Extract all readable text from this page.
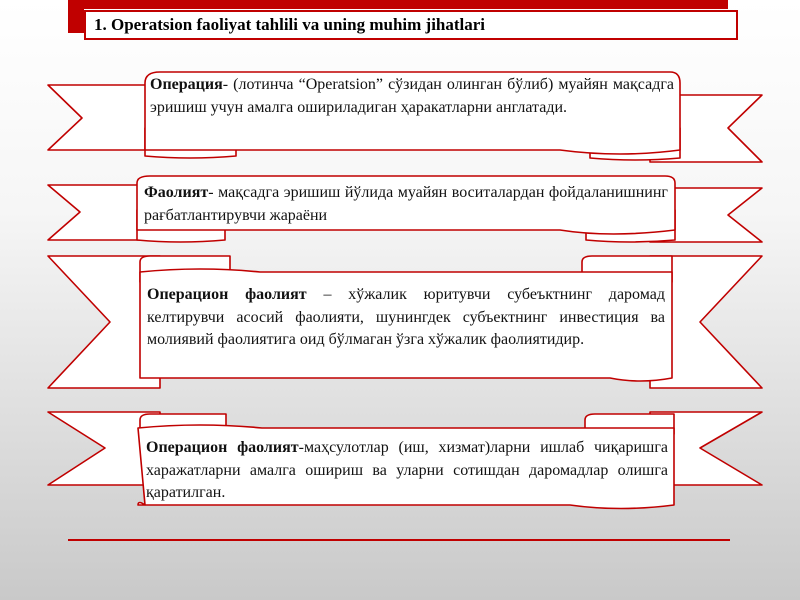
1. Operatsion faoliyat tahlili va uning muhim jihatlari
Операция- (лотинча “Operatsion” сўзидан олинган бўлиб) муайян мақсадга эришиш учун амалга ошириладиган ҳаракатларни англатади.
Фаолият- мақсадга эришиш йўлида муайян воситалардан фойдаланишнинг рағбатлантирувчи жараёни
Операцион фаолият – хўжалик юритувчи субеъктнинг даромад келтирувчи асосий фаолияти, шунингдек субъектнинг инвестиция ва молиявий фаолиятига оид бўлмаган ўзга хўжалик фаолиятидир.
Операцион фаолият-маҳсулотлар (иш, хизмат)ларни ишлаб чиқаришга харажатларни амалга ошириш ва уларни сотишдан даромадлар олишга қаратилган.
